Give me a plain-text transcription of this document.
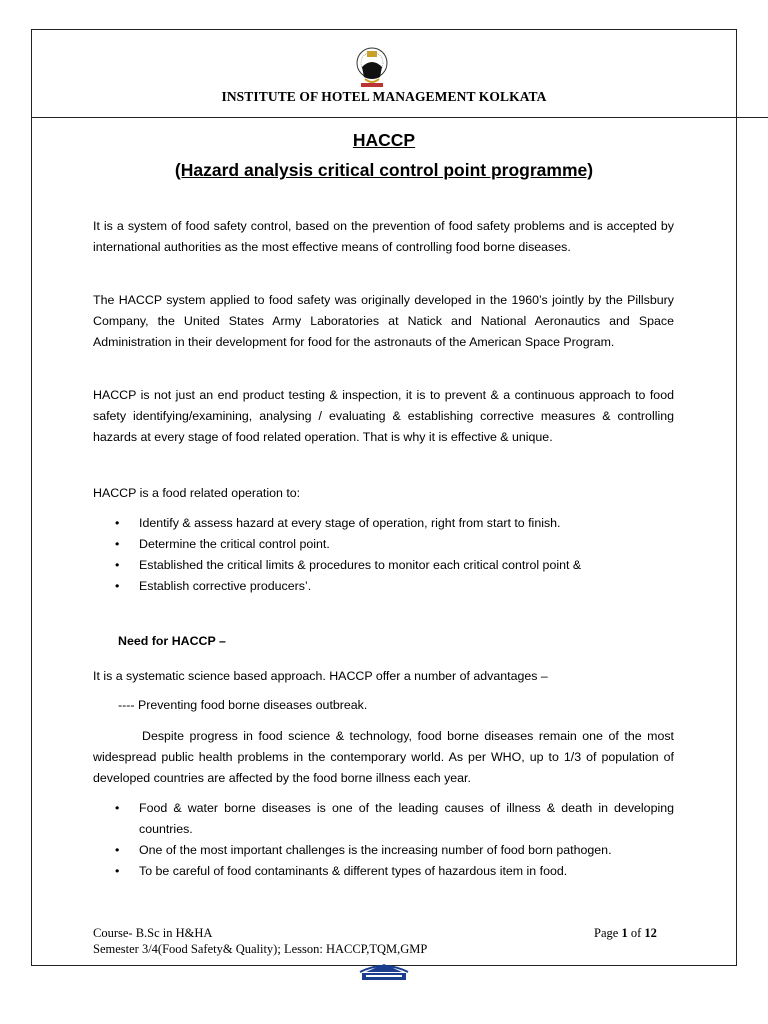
INSTITUTE OF HOTEL MANAGEMENT KOLKATA
HACCP
(Hazard analysis critical control point programme)

It is a system of food safety control, based on the prevention of food safety problems and is accepted by international authorities as the most effective means of controlling food borne diseases.

The HACCP system applied to food safety was originally developed in the 1960’s jointly by the Pillsbury Company, the United States Army Laboratories at Natick and National Aeronautics and Space Administration in their development for food for the astronauts of the American Space Program.

HACCP is not just an end product testing & inspection, it is to prevent & a continuous approach to food safety identifying/examining, analysing / evaluating & establishing corrective measures & controlling hazards at every stage of food related operation. That is why it is effective & unique.

HACCP is a food related operation to:

• Identify & assess hazard at every stage of operation, right from start to finish.
• Determine the critical control point.
• Established the critical limits & procedures to monitor each critical control point &
• Establish corrective producers’.
Need for HACCP –

It is a systematic science based approach. HACCP offer a number of advantages –

---- Preventing food borne diseases outbreak.

Despite progress in food science & technology, food borne diseases remain one of the most widespread public health problems in the contemporary world. As per WHO, up to 1/3 of population of developed countries are affected by the food borne illness each year.

• Food & water borne diseases is one of the leading causes of illness & death in developing countries.
• One of the most important challenges is the increasing number of food born pathogen.
• To be careful of food contaminants & different types of hazardous item in food.
Course- B.Sc in H&HA
Semester 3/4(Food Safety& Quality); Lesson: HACCP,TQM,GMP
Page 1 of 12
